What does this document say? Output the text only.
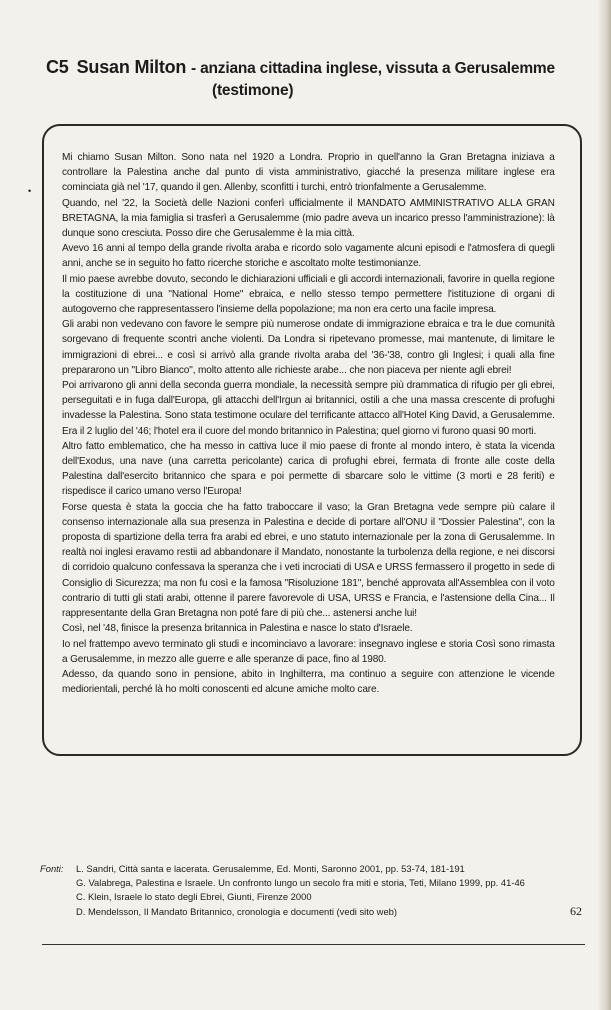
C5 Susan Milton - anziana cittadina inglese, vissuta a Gerusalemme
(testimone)
•

Mi chiamo Susan Milton. Sono nata nel 1920 a Londra. Proprio in quell'anno la Gran Bretagna iniziava a controllare la Palestina anche dal punto di vista amministrativo, giacché la presenza militare inglese era cominciata già nel '17, quando il gen. Allenby, sconfitti i turchi, entrò trionfalmente a Gerusalemme.

Quando, nel '22, la Società delle Nazioni conferì ufficialmente il MANDATO AMMINISTRATIVO ALLA GRAN BRETAGNA, la mia famiglia si trasferì a Gerusalemme (mio padre aveva un incarico presso l'amministrazione): là dunque sono cresciuta. Posso dire che Gerusalemme è la mia città.

Avevo 16 anni al tempo della grande rivolta araba e ricordo solo vagamente alcuni episodi e l'atmosfera di quegli anni, anche se in seguito ho fatto ricerche storiche e ascoltato molte testimonianze.

Il mio paese avrebbe dovuto, secondo le dichiarazioni ufficiali e gli accordi internazionali, favorire in quella regione la costituzione di una "National Home" ebraica, e nello stesso tempo permettere l'istituzione di organi di autogoverno che rappresentassero l'insieme della popolazione; ma non era certo una facile impresa.

Gli arabi non vedevano con favore le sempre più numerose ondate di immigrazione ebraica e tra le due comunità sorgevano di frequente scontri anche violenti. Da Londra si ripetevano promesse, mai mantenute, di limitare le immigrazioni di ebrei... e così si arrivò alla grande rivolta araba del '36-'38, contro gli Inglesi; i quali alla fine prepararono un "Libro Bianco", molto attento alle richieste arabe... che non piaceva per niente agli ebrei!

Poi arrivarono gli anni della seconda guerra mondiale, la necessità sempre più drammatica di rifugio per gli ebrei, perseguitati e in fuga dall'Europa, gli attacchi dell'Irgun ai britannici, ostili a che una massa crescente di profughi invadesse la Palestina. Sono stata testimone oculare del terrificante attacco all'Hotel King David, a Gerusalemme. Era il 2 luglio del '46; l'hotel era il cuore del mondo britannico in Palestina; quel giorno vi furono quasi 90 morti.

Altro fatto emblematico, che ha messo in cattiva luce il mio paese di fronte al mondo intero, è stata la vicenda dell'Exodus, una nave (una carretta pericolante) carica di profughi ebrei, fermata di fronte alle coste della Palestina dall'esercito britannico che spara e poi permette di sbarcare solo le vittime (3 morti e 28 feriti) e rispedisce il carico umano verso l'Europa!

Forse questa è stata la goccia che ha fatto traboccare il vaso; la Gran Bretagna vede sempre più calare il consenso internazionale alla sua presenza in Palestina e decide di portare all'ONU il "Dossier Palestina", con la proposta di spartizione della terra fra arabi ed ebrei, e uno statuto internazionale per la zona di Gerusalemme. In realtà noi inglesi eravamo restii ad abbandonare il Mandato, nonostante la turbolenza della regione, e nei discorsi di corridoio qualcuno confessava la speranza che i veti incrociati di USA e URSS fermassero il progetto in sede di Consiglio di Sicurezza; ma non fu così e la famosa "Risoluzione 181", benché approvata all'Assemblea con il voto contrario di tutti gli stati arabi, ottenne il parere favorevole di USA, URSS e Francia, e l'astensione della Cina... Il rappresentante della Gran Bretagna non poté fare di più che... astenersi anche lui!

Così, nel '48, finisce la presenza britannica in Palestina e nasce lo stato d'Israele.

Io nel frattempo avevo terminato gli studi e incominciavo a lavorare: insegnavo inglese e storia Così sono rimasta a Gerusalemme, in mezzo alle guerre e alle speranze di pace, fino al 1980.

Adesso, da quando sono in pensione, abito in Inghilterra, ma continuo a seguire con attenzione le vicende mediorientali, perché là ho molti conoscenti ed alcune amiche molto care.

Fonti: L. Sandri, Città santa e lacerata. Gerusalemme, Ed. Monti, Saronno 2001, pp. 53-74, 181-191
G. Valabrega, Palestina e Israele. Un confronto lungo un secolo fra miti e storia, Teti, Milano 1999, pp. 41-46
C. Klein, Israele lo stato degli Ebrei, Giunti, Firenze 2000
D. Mendelsson, Il Mandato Britannico, cronologia e documenti (vedi sito web)	62
